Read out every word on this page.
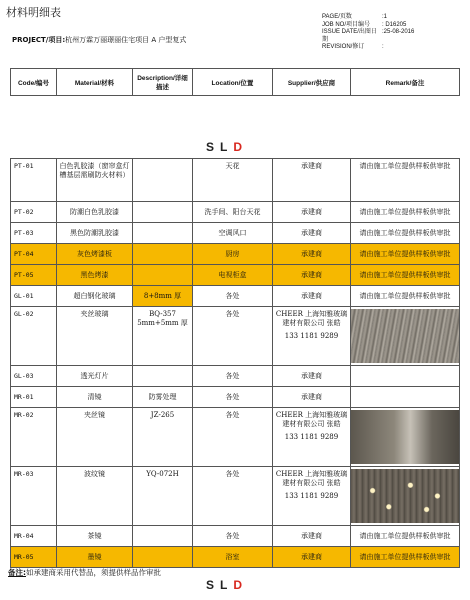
材料明细表	PAGE/页数	:1
JOB NO/项目编号	: D16205
ISSUE DATE/出图日期
:25-08-2016
REVISION/修订	:
PROJECT/项目:杭州万霖万丽璟丽住宅项目 A 户型复式
Code/编号	Material/材料	Description/详细描述	Location/位置	Supplier/供应商	Remark/备注
SLD
PT-01	白色乳胶漆（窗帘盒灯槽基层需刷防火材料）		天花	承建商	请由施工单位提供样板供审批
PT-02	防潮白色乳胶漆		洗手间、阳台天花	承建商	请由施工单位提供样板供审批
PT-03	黑色防潮乳胶漆		空调风口	承建商	请由施工单位提供样板供审批
PT-04	灰色烤漆板		厨房	承建商	请由施工单位提供样板供审批
PT-05	黑色烤漆		电视柜盒	承建商	请由施工单位提供样板供审批
GL-01	超白钢化玻璃	8+8mm 厚	各处	承建商	请由施工单位提供样板供审批
GL-02	夹丝玻璃	BQ-357 5mm+5mm 厚	各处	CHEER 上海知雅玻璃建材有限公司 张皓
133 1181 9289	

GL-03	透光灯片		各处	承建商	
MR-01	清镜	防雾处理	各处	承建商	
MR-02	夹丝镜	JZ-265	各处	CHEER 上海知雅玻璃建材有限公司 张皓
133 1181 9289	

MR-03	波纹镜	YQ-072H	各处	CHEER 上海知雅玻璃建材有限公司 张皓
133 1181 9289	

MR-04	茶镜		各处	承建商	请由施工单位提供样板供审批
MR-05	墨镜		浴室	承建商	请由施工单位提供样板供审批
备注:如承建商采用代替品，须提供样品作审批
SLD
